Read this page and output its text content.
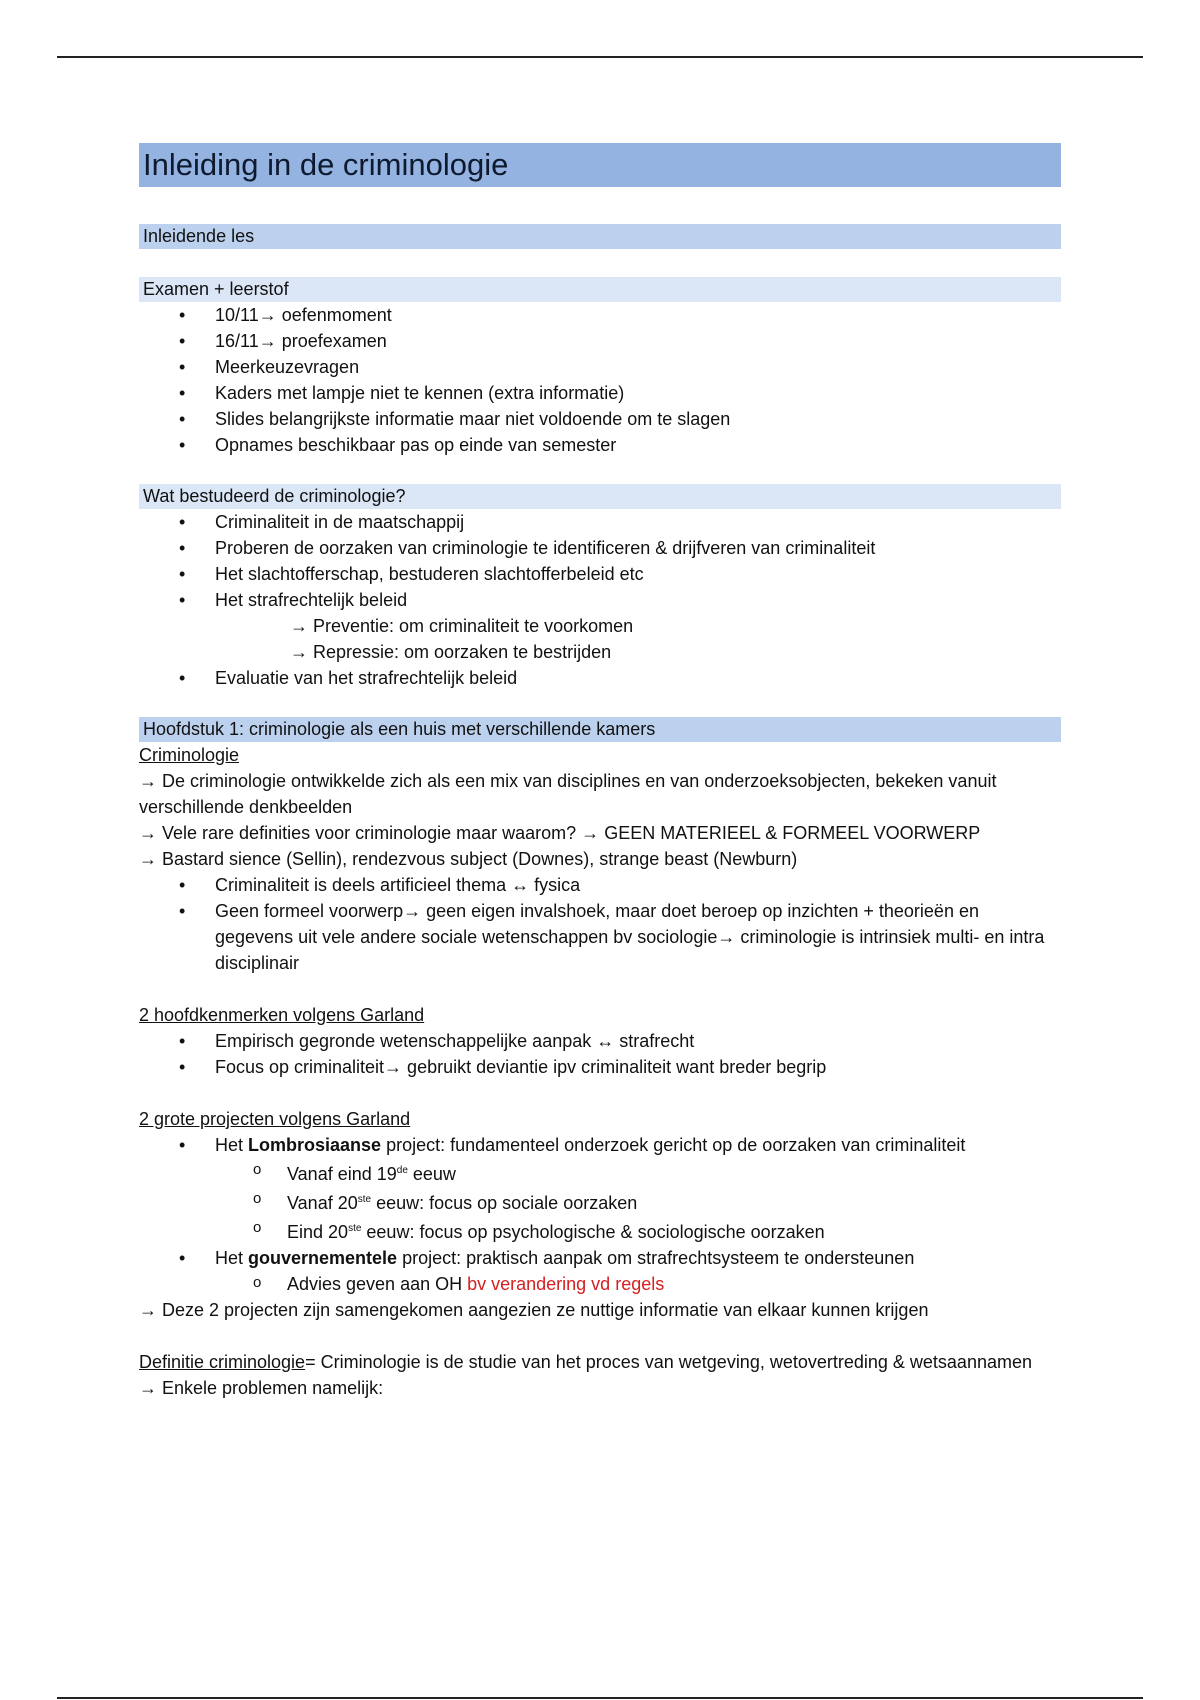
Inleiding in de criminologie
Inleidende les
Examen + leerstof
• 10/11→ oefenmoment
• 16/11→ proefexamen
• Meerkeuzevragen
• Kaders met lampje niet te kennen (extra informatie)
• Slides belangrijkste informatie maar niet voldoende om te slagen
• Opnames beschikbaar pas op einde van semester
Wat bestudeerd de criminologie?
• Criminaliteit in de maatschappij
• Proberen de oorzaken van criminologie te identificeren & drijfveren van criminaliteit
• Het slachtofferschap, bestuderen slachtofferbeleid etc
• Het strafrechtelijk beleid
→ Preventie: om criminaliteit te voorkomen
→ Repressie: om oorzaken te bestrijden
• Evaluatie van het strafrechtelijk beleid
Hoofdstuk 1: criminologie als een huis met verschillende kamers

Criminologie

→ De criminologie ontwikkelde zich als een mix van disciplines en van onderzoeksobjecten, bekeken vanuit verschillende denkbeelden

→ Vele rare definities voor criminologie maar waarom? → GEEN MATERIEEL & FORMEEL VOORWERP

→ Bastard sience (Sellin), rendezvous subject (Downes), strange beast (Newburn)

• Criminaliteit is deels artificieel thema ↔ fysica
• Geen formeel voorwerp→ geen eigen invalshoek, maar doet beroep op inzichten + theorieën en gegevens uit vele andere sociale wetenschappen bv sociologie→ criminologie is intrinsiek multi- en intra disciplinair

2 hoofdkenmerken volgens Garland

• Empirisch gegronde wetenschappelijke aanpak ↔ strafrecht
• Focus op criminaliteit→ gebruikt deviantie ipv criminaliteit want breder begrip

2 grote projecten volgens Garland

• Het Lombrosiaanse project: fundamenteel onderzoek gericht op de oorzaken van criminaliteit
o Vanaf eind 19de eeuw
o Vanaf 20ste eeuw: focus op sociale oorzaken
o Eind 20ste eeuw: focus op psychologische & sociologische oorzaken
• Het gouvernementele project: praktisch aanpak om strafrechtsysteem te ondersteunen
o Advies geven aan OH bv verandering vd regels

→ Deze 2 projecten zijn samengekomen aangezien ze nuttige informatie van elkaar kunnen krijgen

Definitie criminologie= Criminologie is de studie van het proces van wetgeving, wetovertreding & wetsaannamen

→ Enkele problemen namelijk:
